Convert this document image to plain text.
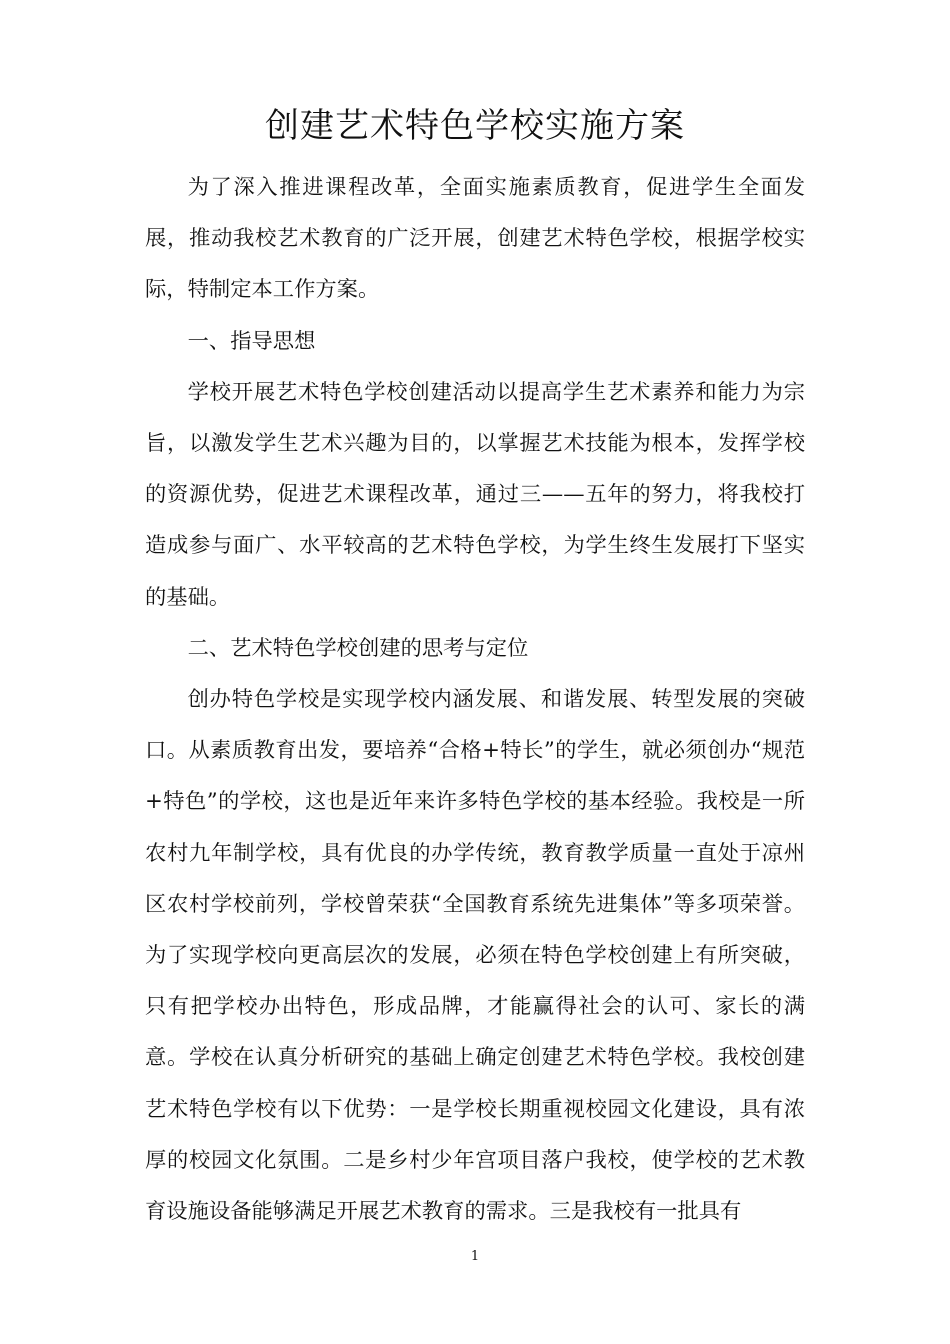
创建艺术特色学校实施方案

为了深入推进课程改革，全面实施素质教育，促进学生全面发展，推动我校艺术教育的广泛开展，创建艺术特色学校，根据学校实际，特制定本工作方案。

一、指导思想

学校开展艺术特色学校创建活动以提高学生艺术素养和能力为宗旨，以激发学生艺术兴趣为目的，以掌握艺术技能为根本，发挥学校的资源优势，促进艺术课程改革，通过三——五年的努力，将我校打造成参与面广、水平较高的艺术特色学校，为学生终生发展打下坚实的基础。

二、艺术特色学校创建的思考与定位

创办特色学校是实现学校内涵发展、和谐发展、转型发展的突破口。从素质教育出发，要培养“合格+特长”的学生，就必须创办“规范+特色”的学校，这也是近年来许多特色学校的基本经验。我校是一所农村九年制学校，具有优良的办学传统，教育教学质量一直处于凉州区农村学校前列，学校曾荣获“全国教育系统先进集体”等多项荣誉。为了实现学校向更高层次的发展，必须在特色学校创建上有所突破，只有把学校办出特色，形成品牌，才能赢得社会的认可、家长的满意。学校在认真分析研究的基础上确定创建艺术特色学校。我校创建艺术特色学校有以下优势：一是学校长期重视校园文化建设，具有浓厚的校园文化氛围。二是乡村少年宫项目落户我校，使学校的艺术教育设施设备能够满足开展艺术教育的需求。三是我校有一批具有

1
